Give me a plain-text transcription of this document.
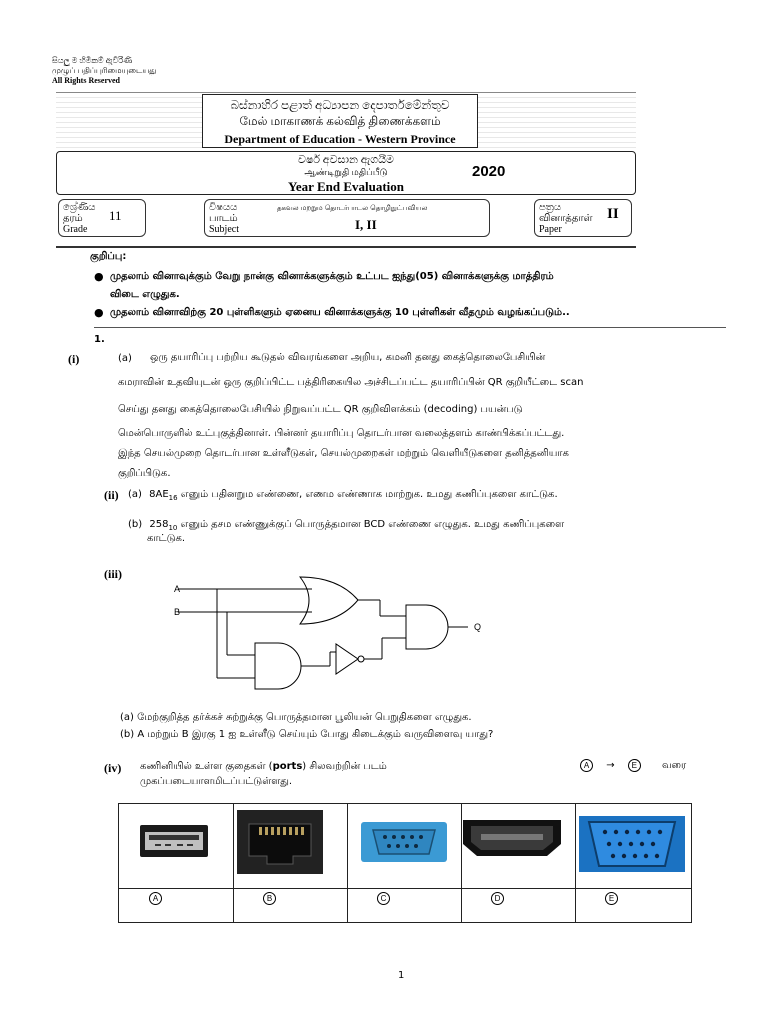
සියලු ම හිමිකම් ඇවිරිණි
முழுப் பதிப்புரிமையுடையது
All Rights Reserved
බස්නාහිර පළාත් අධ්‍යාපන දෙපාර්තමේන්තුව
மேல் மாகாணக் கல்வித் திணைக்களம்
Department of Education - Western Province
වර්ෂ අවසාන ඇගයීම
ஆண்டிறுதி மதிப்பீடு
Year End Evaluation
2020
ශ්‍රේණිය
தரம்
Grade
11
විෂයය
பாடம்
Subject
தகவல மறறும தொடர்பாடல தொழிநுட்பவியல
I, II
පත්‍රය
வினாத்தாள்
Paper
II
குறிப்பு:
● முதலாம் வினாவுக்கும் வேறு நான்கு வினாக்களுக்கும் உட்பட ஐந்து(05) வினாக்களுக்கு மாத்திரம்
விடை எழுதுக.
● முதலாம் வினாவிற்கு 20 புள்ளிகளும் ஏனைய வினாக்களுக்கு 10 புள்ளிகள் வீதமும் வழங்கப்படும்..
1.
(i)	(a) ஒரு தயாரிப்பு பற்றிய கூடுதல் விவரங்களை அறிய, கமனி தனது கைத்தொலைபேசியின்
கமராவின் உதவியுடன் ஒரு குறிப்பிட்ட பத்திரிகையில அச்சிடப்பட்ட தயாரிப்பின் QR குறியீட்டை scan
செய்து தனது கைத்தொலைபேசியில் நிறுவப்பட்ட QR குறிவிளக்கம் (decoding) பயன்படு
மென்பொருளில் உட்புகுத்தினாள். பின்னர் தயாரிப்பு தொடர்பான வலைத்தளம் காண்பிக்கப்பட்டது.
இந்த செயல்முறை தொடர்பான உள்ளீடுகள், செயல்முறைகள் மற்றும் வெளியீடுகளை தனித்தனியாக
குறிப்பிடுக.
(ii) (a) $8AE_{16}$ எனும் பதினறும எண்ணை, எணம எண்ணாக மாற்றுக. உமது கணிப்புகளை காட்டுக.
(b) $258_{10}$ எனும் தசம எண்ணுக்குப் பொருத்தமான BCD எண்ணை எழுதுக. உமது கணிப்புகளை
காட்டுக.
(iii)
A
B
Q
(a) மேற்குறித்த தர்க்கச் சுற்றுக்கு பொருத்தமான பூலியன் பெறுதிகளை எழுதுக.
(b) A மற்றும் B இரகு 1 ஐ உள்ளீடு செய்யும் போது கிடைக்கும் வருவிளைவு யாது?
(iv) கணினியில் உள்ள குதைகள் (ports) சிலவற்றின் படம்	A → E	வரை
முகப்படையாளமிடப்பட்டுள்ளது.
A	B	C	D	E
1
